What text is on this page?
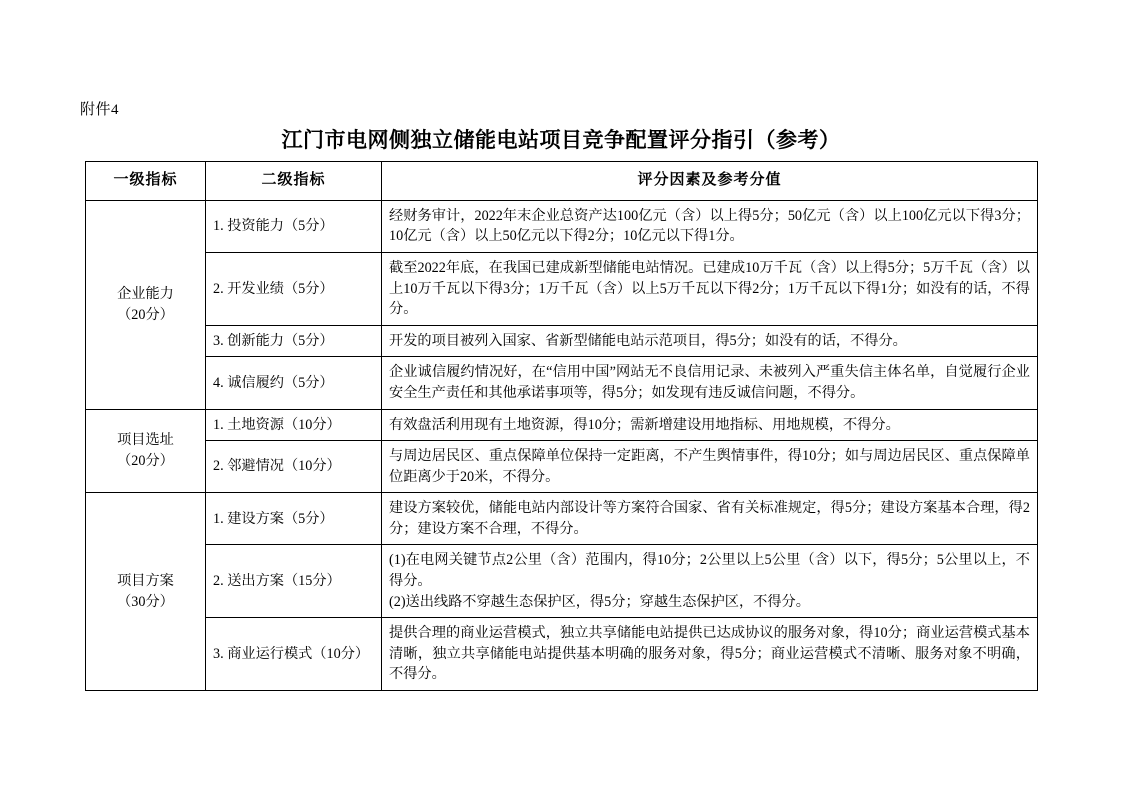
附件4
江门市电网侧独立储能电站项目竞争配置评分指引（参考）
一级指标	二级指标	评分因素及参考分值

企业能力
（20分）	1. 投资能力（5分）	经财务审计，2022年末企业总资产达100亿元（含）以上得5分；50亿元（含）以上100亿元以下得3分；10亿元（含）以上50亿元以下得2分；10亿元以下得1分。
	2. 开发业绩（5分）	截至2022年底，在我国已建成新型储能电站情况。已建成10万千瓦（含）以上得5分；5万千瓦（含）以上10万千瓦以下得3分；1万千瓦（含）以上5万千瓦以下得2分；1万千瓦以下得1分；如没有的话，不得分。
	3. 创新能力（5分）	开发的项目被列入国家、省新型储能电站示范项目，得5分；如没有的话，不得分。
	4. 诚信履约（5分）	企业诚信履约情况好，在“信用中国”网站无不良信用记录、未被列入严重失信主体名单，自觉履行企业安全生产责任和其他承诺事项等，得5分；如发现有违反诚信问题，不得分。

项目选址
（20分）	1. 土地资源（10分）	有效盘活利用现有土地资源，得10分；需新增建设用地指标、用地规模，不得分。
	2. 邻避情况（10分）	与周边居民区、重点保障单位保持一定距离，不产生舆情事件，得10分；如与周边居民区、重点保障单位距离少于20米，不得分。

项目方案
（30分）	1. 建设方案（5分）	建设方案较优，储能电站内部设计等方案符合国家、省有关标准规定，得5分；建设方案基本合理，得2分；建设方案不合理，不得分。
	2. 送出方案（15分）	(1)在电网关键节点2公里（含）范围内，得10分；2公里以上5公里（含）以下，得5分；5公里以上，不得分。
(2)送出线路不穿越生态保护区，得5分；穿越生态保护区，不得分。

	3. 商业运行模式（10分）	提供合理的商业运营模式，独立共享储能电站提供已达成协议的服务对象，得10分；商业运营模式基本清晰，独立共享储能电站提供基本明确的服务对象，得5分；商业运营模式不清晰、服务对象不明确，不得分。
